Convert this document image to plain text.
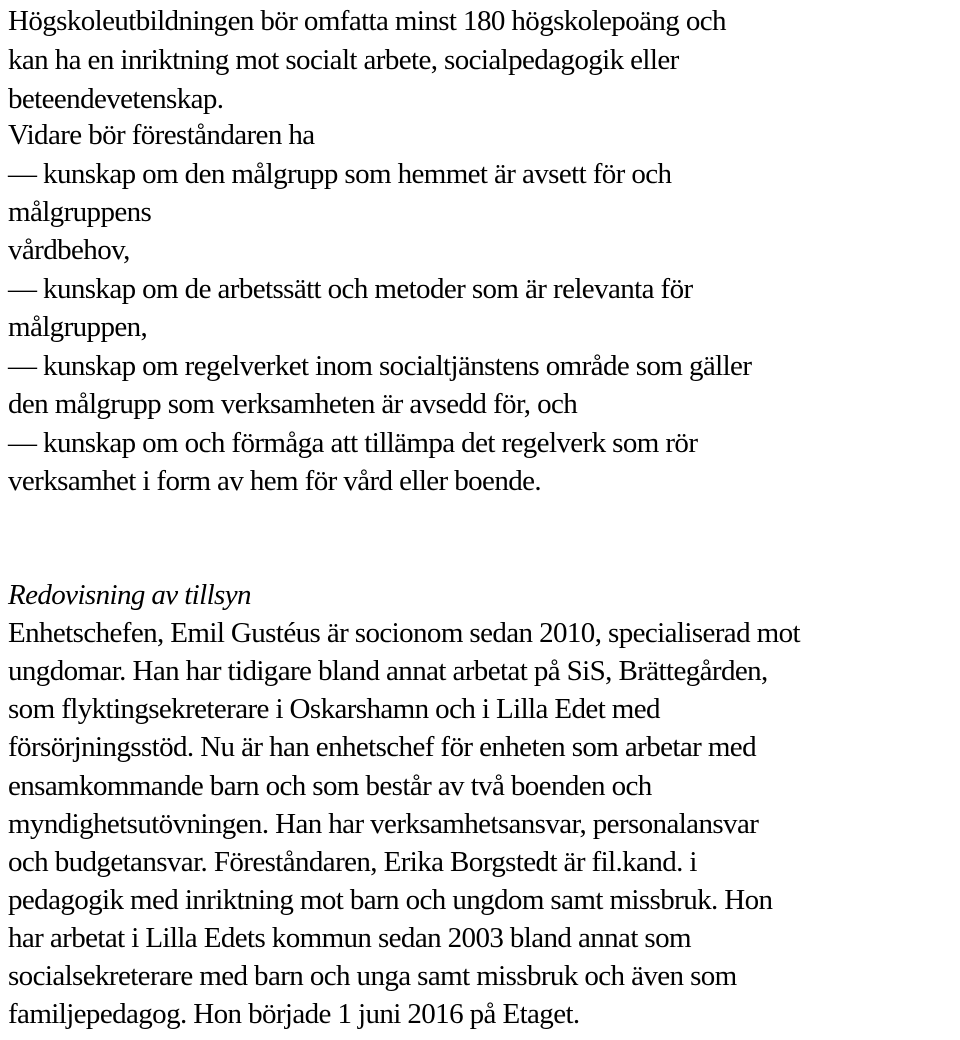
Högskoleutbildningen bör omfatta minst 180 högskolepoäng och
kan ha en inriktning mot socialt arbete, socialpedagogik eller
beteendevetenskap.
Vidare bör föreståndaren ha
— kunskap om den målgrupp som hemmet är avsett för och
målgruppens
vårdbehov,
— kunskap om de arbetssätt och metoder som är relevanta för
målgruppen,
— kunskap om regelverket inom socialtjänstens område som gäller
den målgrupp som verksamheten är avsedd för, och
— kunskap om och förmåga att tillämpa det regelverk som rör
verksamhet i form av hem för vård eller boende.
Redovisning av tillsyn
Enhetschefen, Emil Gustéus är socionom sedan 2010, specialiserad mot
ungdomar. Han har tidigare bland annat arbetat på SiS, Brättegården,
som flyktingsekreterare i Oskarshamn och i Lilla Edet med
försörjningsstöd. Nu är han enhetschef för enheten som arbetar med
ensamkommande barn och som består av två boenden och
myndighetsutövningen. Han har verksamhetsansvar, personalansvar
och budgetansvar. Föreståndaren, Erika Borgstedt är fil.kand. i
pedagogik med inriktning mot barn och ungdom samt missbruk. Hon
har arbetat i Lilla Edets kommun sedan 2003 bland annat som
socialsekreterare med barn och unga samt missbruk och även som
familjepedagog. Hon började 1 juni 2016 på Etaget.
